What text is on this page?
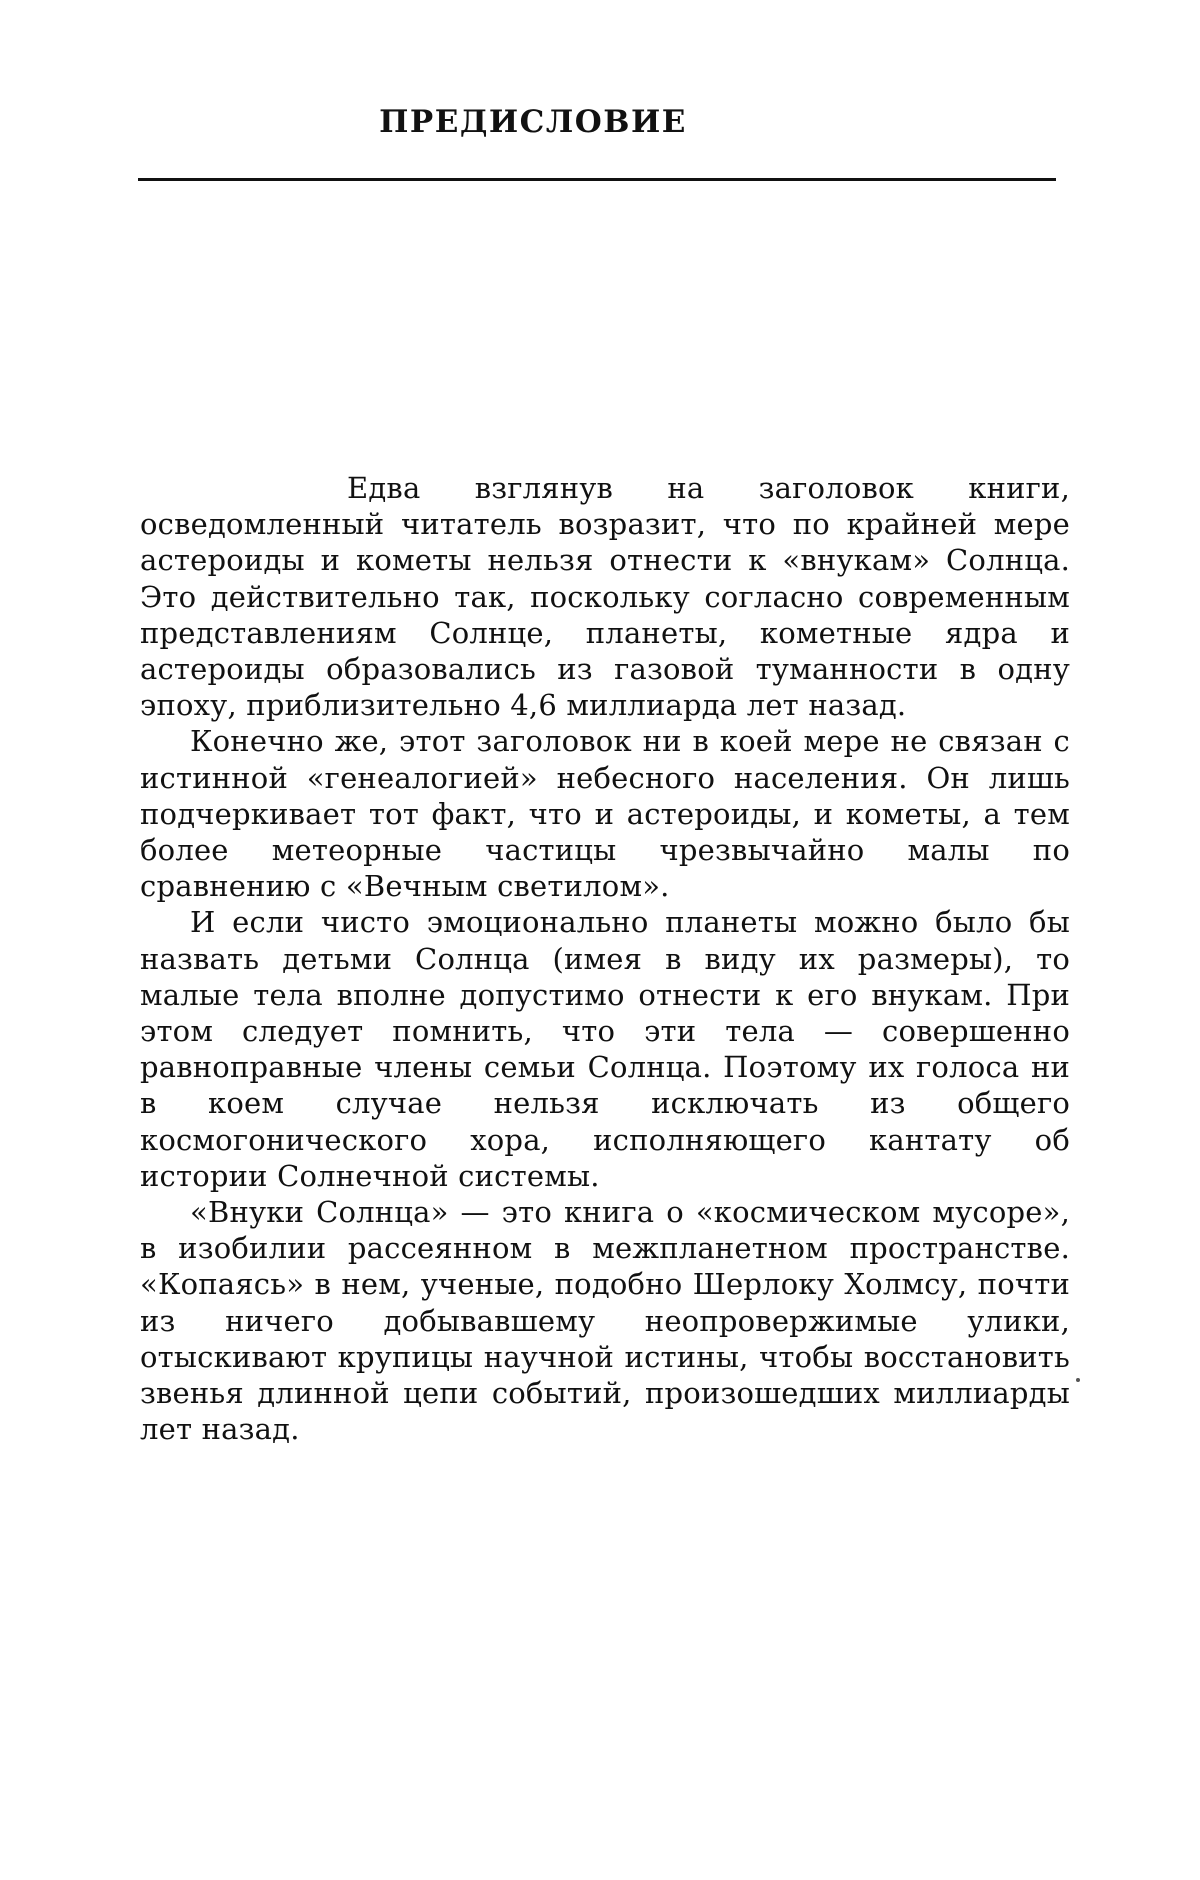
ПРЕДИСЛОВИЕ

Едва взглянув на заголовок книги, осведомленный читатель возразит, что по крайней мере астероиды и кометы нельзя отнести к «внукам» Солнца. Это действительно так, поскольку согласно современным представлениям Солнце, планеты, кометные ядра и астероиды образовались из газовой туманности в одну эпоху, приблизительно 4,6 миллиарда лет назад.

Конечно же, этот заголовок ни в коей мере не связан с истинной «генеалогией» небесного населения. Он лишь подчеркивает тот факт, что и астероиды, и кометы, а тем более метеорные частицы чрезвычайно малы по сравнению с «Вечным светилом».

И если чисто эмоционально планеты можно было бы назвать детьми Солнца (имея в виду их размеры), то малые тела вполне допустимо отнести к его внукам. При этом следует помнить, что эти тела — совершенно равноправные члены семьи Солнца. Поэтому их голоса ни в коем случае нельзя исключать из общего космогонического хора, исполняющего кантату об истории Солнечной системы.

«Внуки Солнца» — это книга о «космическом мусоре», в изобилии рассеянном в межпланетном пространстве. «Копаясь» в нем, ученые, подобно Шерлоку Холмсу, почти из ничего добывавшему неопровержимые улики, отыскивают крупицы научной истины, чтобы восстановить звенья длинной цепи событий, произошедших миллиарды лет назад.
